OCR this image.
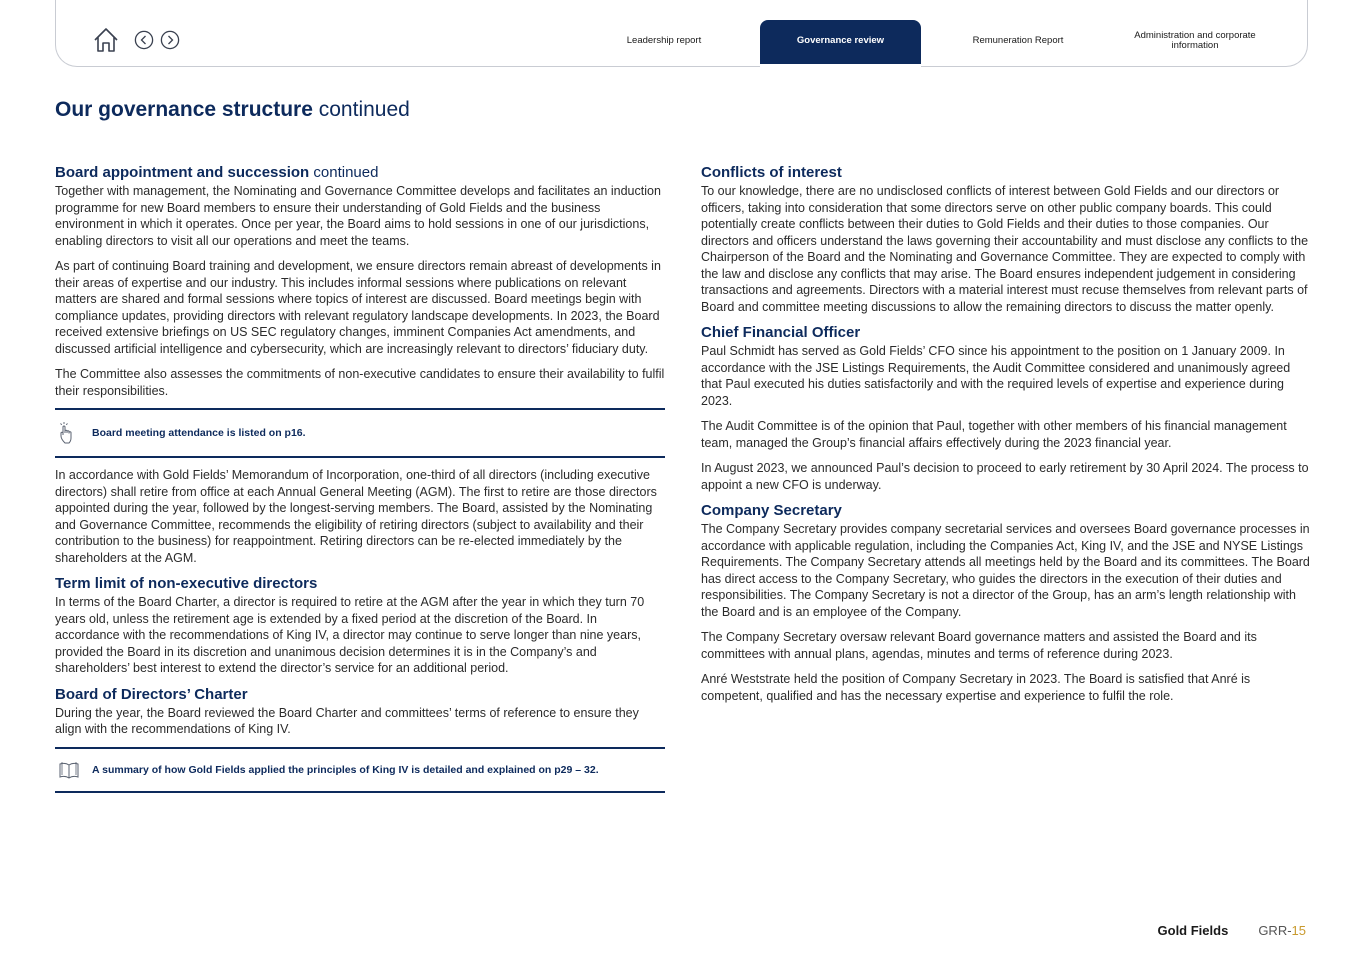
Leadership report	Governance review	Remuneration Report	Administration and corporate information
Our governance structure continued
Board appointment and succession continued

Together with management, the Nominating and Governance Committee develops and facilitates an induction programme for new Board members to ensure their understanding of Gold Fields and the business environment in which it operates. Once per year, the Board aims to hold sessions in one of our jurisdictions, enabling directors to visit all our operations and meet the teams.

As part of continuing Board training and development, we ensure directors remain abreast of developments in their areas of expertise and our industry. This includes informal sessions where publications on relevant matters are shared and formal sessions where topics of interest are discussed. Board meetings begin with compliance updates, providing directors with relevant regulatory landscape developments. In 2023, the Board received extensive briefings on US SEC regulatory changes, imminent Companies Act amendments, and discussed artificial intelligence and cybersecurity, which are increasingly relevant to directors’ fiduciary duty.

The Committee also assesses the commitments of non-executive candidates to ensure their availability to fulfil their responsibilities.

Board meeting attendance is listed on p16.

In accordance with Gold Fields’ Memorandum of Incorporation, one-third of all directors (including executive directors) shall retire from office at each Annual General Meeting (AGM). The first to retire are those directors appointed during the year, followed by the longest-serving members. The Board, assisted by the Nominating and Governance Committee, recommends the eligibility of retiring directors (subject to availability and their contribution to the business) for reappointment. Retiring directors can be re-elected immediately by the shareholders at the AGM.

Term limit of non-executive directors

In terms of the Board Charter, a director is required to retire at the AGM after the year in which they turn 70 years old, unless the retirement age is extended by a fixed period at the discretion of the Board. In accordance with the recommendations of King IV, a director may continue to serve longer than nine years, provided the Board in its discretion and unanimous decision determines it is in the Company’s and shareholders’ best interest to extend the director’s service for an additional period.

Board of Directors’ Charter

During the year, the Board reviewed the Board Charter and committees’ terms of reference to ensure they align with the recommendations of King IV.

A summary of how Gold Fields applied the principles of King IV is detailed and explained on p29 – 32.
Conflicts of interest

To our knowledge, there are no undisclosed conflicts of interest between Gold Fields and our directors or officers, taking into consideration that some directors serve on other public company boards. This could potentially create conflicts between their duties to Gold Fields and their duties to those companies. Our directors and officers understand the laws governing their accountability and must disclose any conflicts to the Chairperson of the Board and the Nominating and Governance Committee. They are expected to comply with the law and disclose any conflicts that may arise. The Board ensures independent judgement in considering transactions and agreements. Directors with a material interest must recuse themselves from relevant parts of Board and committee meeting discussions to allow the remaining directors to discuss the matter openly.

Chief Financial Officer

Paul Schmidt has served as Gold Fields’ CFO since his appointment to the position on 1 January 2009. In accordance with the JSE Listings Requirements, the Audit Committee considered and unanimously agreed that Paul executed his duties satisfactorily and with the required levels of expertise and experience during 2023.

The Audit Committee is of the opinion that Paul, together with other members of his financial management team, managed the Group’s financial affairs effectively during the 2023 financial year.

In August 2023, we announced Paul’s decision to proceed to early retirement by 30 April 2024. The process to appoint a new CFO is underway.

Company Secretary

The Company Secretary provides company secretarial services and oversees Board governance processes in accordance with applicable regulation, including the Companies Act, King IV, and the JSE and NYSE Listings Requirements. The Company Secretary attends all meetings held by the Board and its committees. The Board has direct access to the Company Secretary, who guides the directors in the execution of their duties and responsibilities. The Company Secretary is not a director of the Group, has an arm’s length relationship with the Board and is an employee of the Company.

The Company Secretary oversaw relevant Board governance matters and assisted the Board and its committees with annual plans, agendas, minutes and terms of reference during 2023.

Anré Weststrate held the position of Company Secretary in 2023. The Board is satisfied that Anré is competent, qualified and has the necessary expertise and experience to fulfil the role.

Gold Fields GRR- 15
